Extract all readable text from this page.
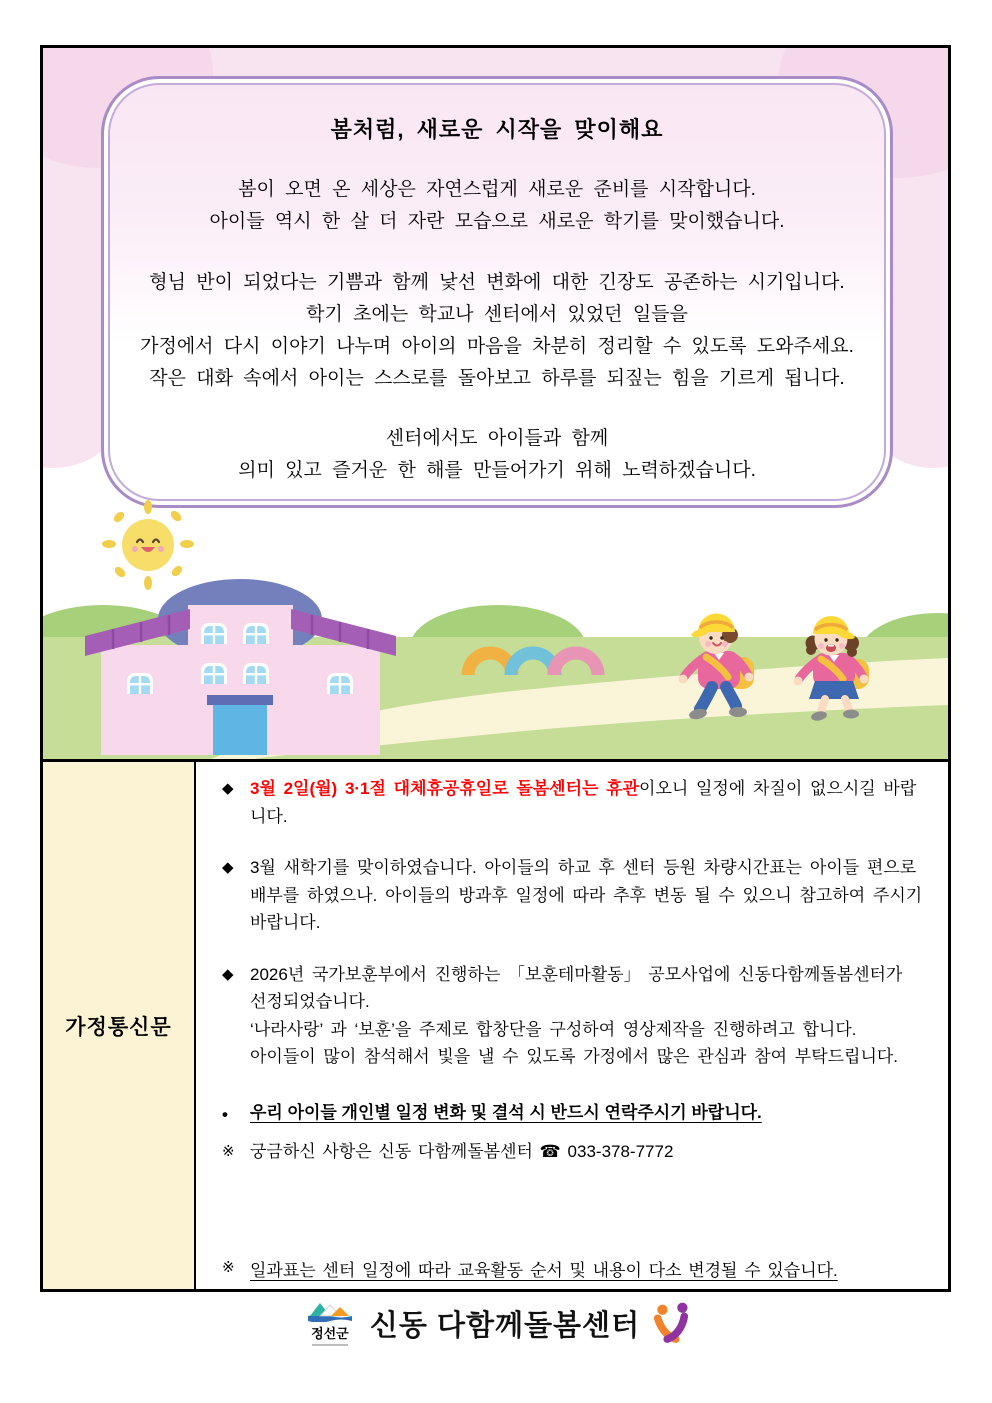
봄처럼, 새로운 시작을 맞이해요
봄이 오면 온 세상은 자연스럽게 새로운 준비를 시작합니다.
아이들 역시 한 살 더 자란 모습으로 새로운 학기를 맞이했습니다.
형님 반이 되었다는 기쁨과 함께 낯선 변화에 대한 긴장도 공존하는 시기입니다.
학기 초에는 학교나 센터에서 있었던 일들을
가정에서 다시 이야기 나누며 아이의 마음을 차분히 정리할 수 있도록 도와주세요.
작은 대화 속에서 아이는 스스로를 돌아보고 하루를 되짚는 힘을 기르게 됩니다.
센터에서도 아이들과 함께
의미 있고 즐거운 한 해를 만들어가기 위해 노력하겠습니다.
가정통신문
◆ 3월 2일(월) 3·1절 대체휴공휴일로 돌봄센터는 휴관이오니 일정에 차질이 없으시길 바랍니다.
◆ 3월 새학기를 맞이하였습니다. 아이들의 하교 후 센터 등원 차량시간표는 아이들 편으로 배부를 하였으나. 아이들의 방과후 일정에 따라 추후 변동 될 수 있으니 참고하여 주시기 바랍니다.
◆ 2026년 국가보훈부에서 진행하는 「보훈테마활동」 공모사업에 신동다함께돌봄센터가 선정되었습니다.
‘나라사랑’ 과 ‘보훈’을 주제로 합창단을 구성하여 영상제작을 진행하려고 합니다.
아이들이 많이 참석해서 빛을 낼 수 있도록 가정에서 많은 관심과 참여 부탁드립니다.
•	우리 아이들 개인별 일정 변화 및 결석 시 반드시 연락주시기 바랍니다.
※ 궁금하신 사항은 신동 다함께돌봄센터 ☎ 033-378-7772
※ 일과표는 센터 일정에 따라 교육활동 순서 및 내용이 다소 변경될 수 있습니다.
정선군 신동 다함께돌봄센터
